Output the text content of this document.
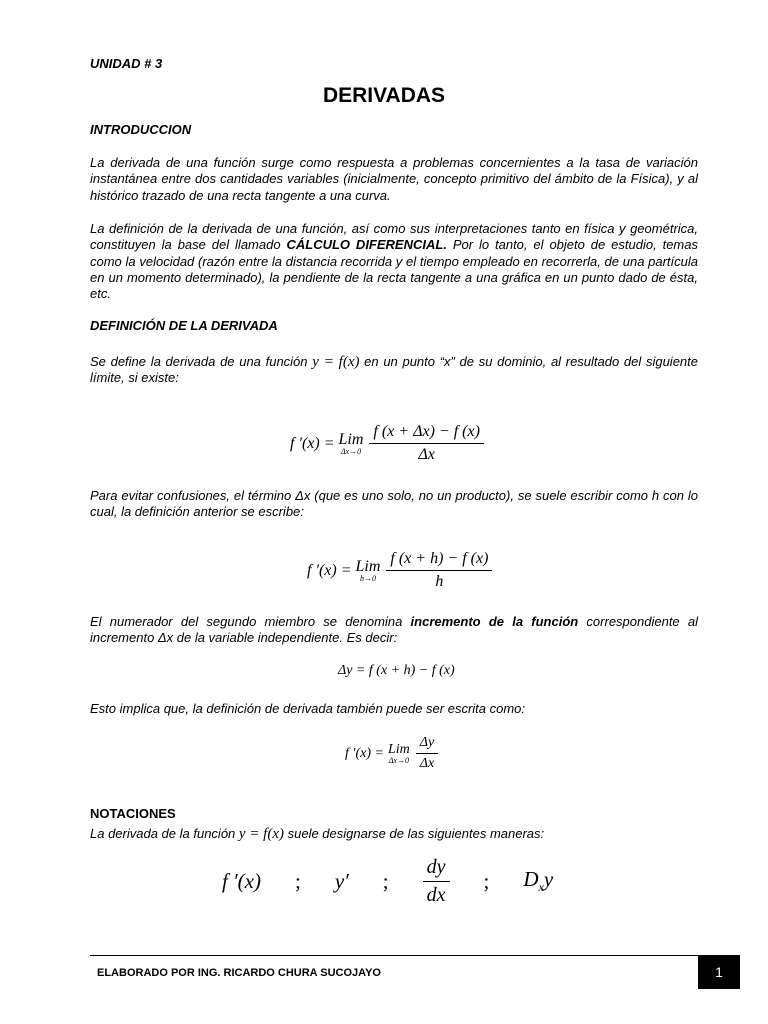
UNIDAD # 3
DERIVADAS
INTRODUCCION
La derivada de una función surge como respuesta a problemas concernientes a la tasa de variación instantánea entre dos cantidades variables (inicialmente, concepto primitivo del ámbito de la Física), y al histórico trazado de una recta tangente a una curva.
La definición de la derivada de una función, así como sus interpretaciones tanto en física y geométrica, constituyen la base del llamado CÁLCULO DIFERENCIAL. Por lo tanto, el objeto de estudio, temas como la velocidad (razón entre la distancia recorrida y el tiempo empleado en recorrerla, de una partícula en un momento determinado), la pendiente de la recta tangente a una gráfica en un punto dado de ésta, etc.
DEFINICIÓN DE LA DERIVADA
Se define la derivada de una función y = f(x) en un punto “x” de su dominio, al resultado del siguiente límite, si existe:
f ′(x) = Lim
$\Delta x\to 0 \frac{f (x + \Delta x) - f (x)}{\Delta x}$
Para evitar confusiones, el término Δx (que es uno solo, no un producto), se suele escribir como h con lo cual, la definición anterior se escribe:
f ′(x) = Lim
$h\to 0 \frac{f (x + h) - f (x)}{h}$
El numerador del segundo miembro se denomina incremento de la función correspondiente al incremento Δx de la variable independiente. Es decir:
Δy = f (x + h) − f (x)
Esto implica que, la definición de derivada también puede ser escrita como:
f ′(x) = Lim
$\Delta x\to 0 \frac{\Delta y}{\Delta x}$
NOTACIONES
La derivada de la función y = f(x) suele designarse de las siguientes maneras:
f ′(x) ; y′ ; $\frac{dy}{dx}$ ; $D_xy$
ELABORADO POR ING. RICARDO CHURA SUCOJAYO	1
